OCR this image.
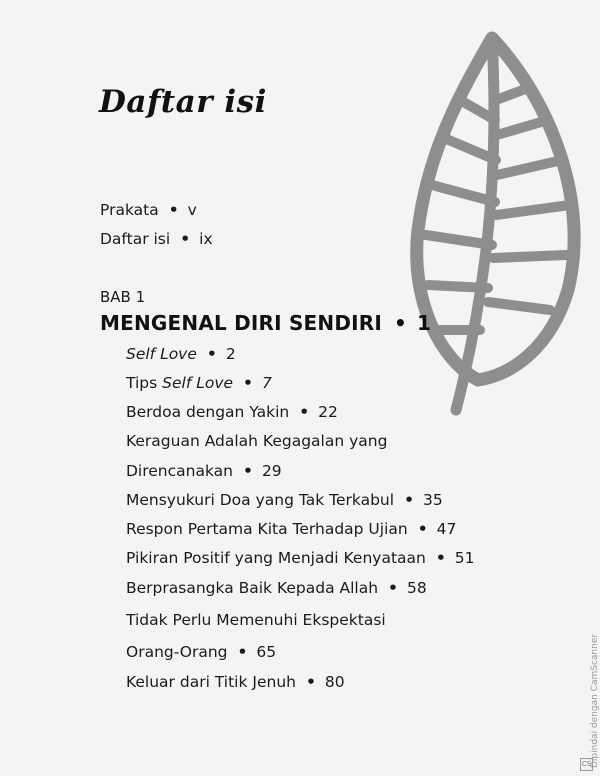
Daftar isi
Prakata • v
Daftar isi • ix
BAB 1
MENGENAL DIRI SENDIRI • 1
Self Love • 2
Tips Self Love • 7
Berdoa dengan Yakin • 22
Keraguan Adalah Kegagalan yang
Direncanakan • 29
Mensyukuri Doa yang Tak Terkabul • 35
Respon Pertama Kita Terhadap Ujian • 47
Pikiran Positif yang Menjadi Kenyataan • 51
Berprasangka Baik Kepada Allah • 58
Tidak Perlu Memenuhi Ekspektasi
Orang-Orang • 65
Keluar dari Titik Jenuh • 80	Dipindai dengan CamScanner
CS
